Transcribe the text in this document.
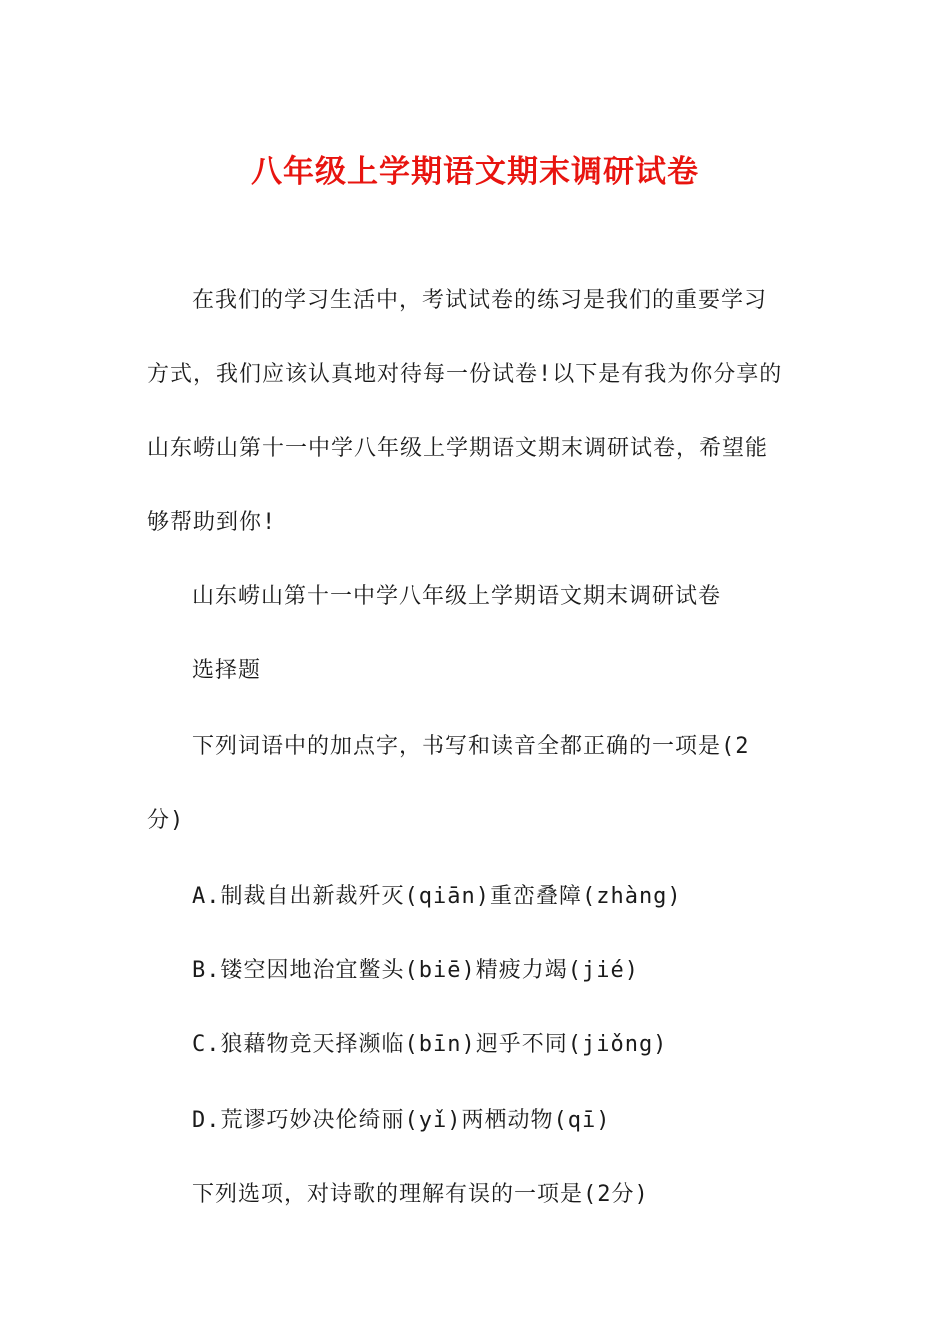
八年级上学期语文期末调研试卷

在我们的学习生活中，考试试卷的练习是我们的重要学习

方式，我们应该认真地对待每一份试卷!以下是有我为你分享的

山东崂山第十一中学八年级上学期语文期末调研试卷，希望能

够帮助到你!

山东崂山第十一中学八年级上学期语文期末调研试卷

选择题

下列词语中的加点字，书写和读音全都正确的一项是(2

分)

A.制裁自出新裁歼灭(qiān)重峦叠障(zhàng)

B.镂空因地治宜鳖头(biē)精疲力竭(jié)

C.狼藉物竞天择濒临(bīn)迥乎不同(jiǒng)

D.荒谬巧妙决伦绮丽(yǐ)两栖动物(qī)

下列选项，对诗歌的理解有误的一项是(2分)
